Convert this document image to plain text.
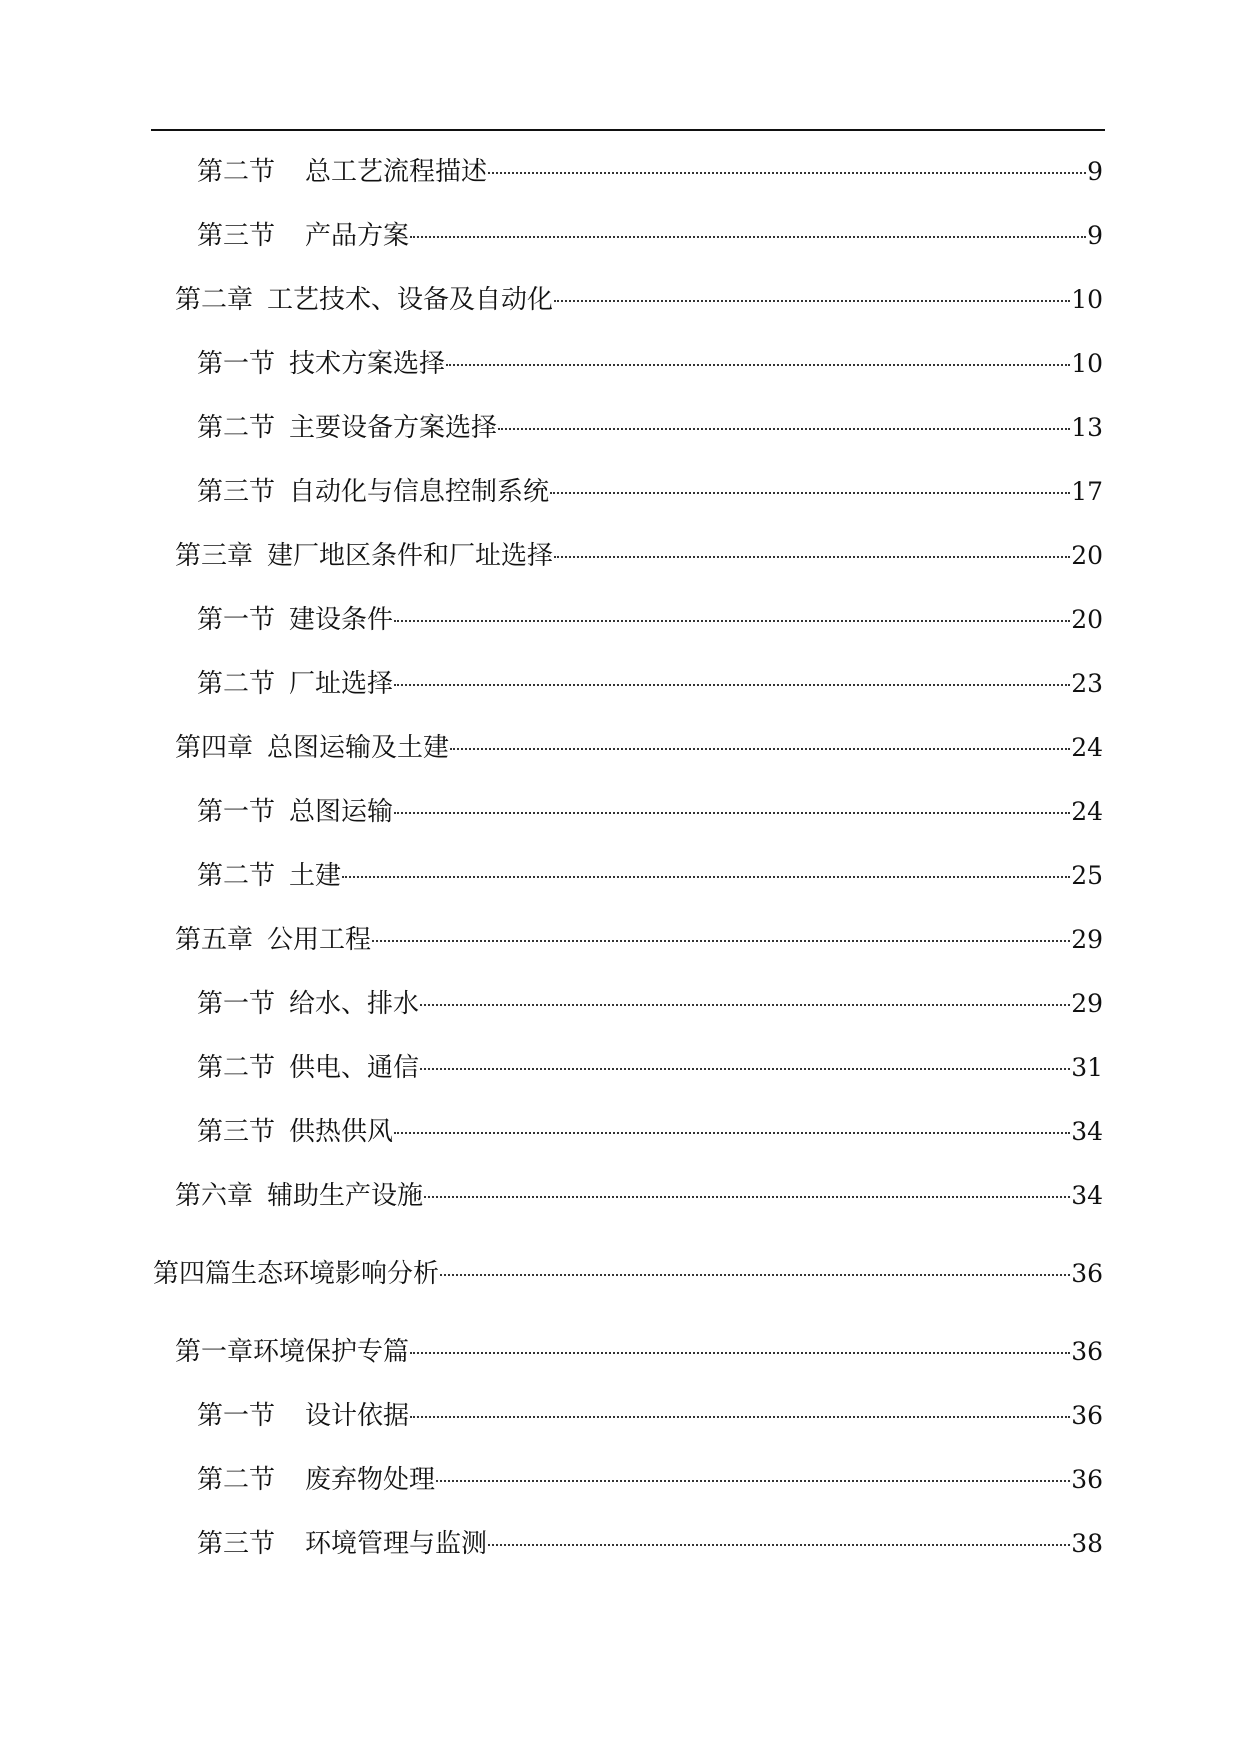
第二节 总工艺流程描述	9
第三节 产品方案	9
第二章 工艺技术、设备及自动化	10
第一节 技术方案选择	10
第二节 主要设备方案选择	13
第三节 自动化与信息控制系统	17
第三章 建厂地区条件和厂址选择	20
第一节 建设条件	20
第二节 厂址选择	23
第四章 总图运输及土建	24
第一节 总图运输	24
第二节 土建	25
第五章 公用工程	29
第一节 给水、排水	29
第二节 供电、通信	31
第三节 供热供风	34
第六章 辅助生产设施	34
第四篇 生态环境影响分析	36
第一章 环境保护专篇	36
第一节 设计依据	36
第二节 废弃物处理	36
第三节 环境管理与监测	38
